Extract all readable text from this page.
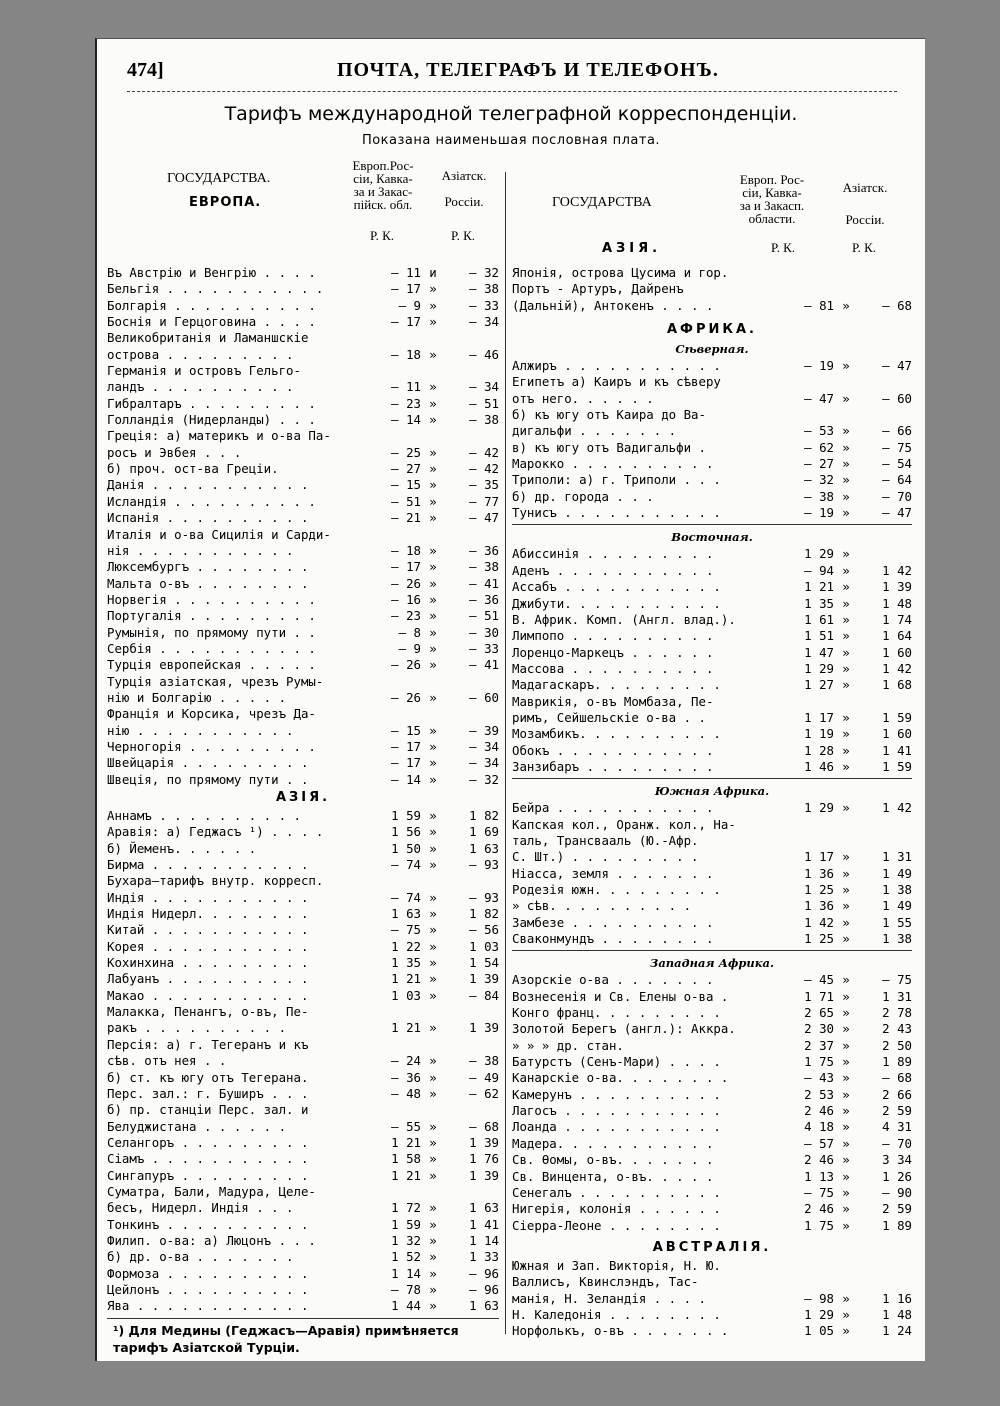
474]	ПОЧТА, ТЕЛЕГРАФЪ И ТЕЛЕФОНЪ.
Тарифъ международной телеграфной корреспонденціи.
Показана наименьшая пословная плата.
ГОСУДАРСТВА.
ЕВРОПА.
Европ.Рос-
сіи, Кавка-
за и Закас-
пійск. обл.
Азіатск.
Россіи.
Р. К.	Р. К.
Въ Австрію и Венгрію . . . .	— 11 и	— 32
Бельгія . . . . . . . . . . .	— 17 »	— 38
Болгарія . . . . . . . . . .	— 9 »	— 33
Боснія и Герцоговина . . . .	— 17 »	— 34
Великобританія и Ламаншскіе
острова . . . . . . . . .	— 18 »	— 46
Германія и островъ Гельго-
ландъ . . . . . . . . . .	— 11 »	— 34
Гибралтаръ . . . . . . . . .	— 23 »	— 51
Голландія (Нидерланды) . . .	— 14 »	— 38
Греція: а) материкъ и о-ва Па-
росъ и Эвбея . . .	— 25 »	— 42
б) проч. ост-ва Греціи.	— 27 »	— 42
Данія . . . . . . . . . . .	— 15 »	— 35
Исландія . . . . . . . . . .	— 51 »	— 77
Испанія . . . . . . . . . .	— 21 »	— 47
Италія и о-ва Сицилія и Сарди-
нія . . . . . . . . . . .	— 18 »	— 36
Люксембургъ . . . . . . . .	— 17 »	— 38
Мальта о-въ . . . . . . . .	— 26 »	— 41
Норвегія . . . . . . . . . .	— 16 »	— 36
Португалія . . . . . . . . .	— 23 »	— 51
Румынія, по прямому пути . .	— 8 »	— 30
Сербія . . . . . . . . . . .	— 9 »	— 33
Турція европейская . . . . .	— 26 »	— 41
Турція азіатская, чрезъ Румы-
нію и Болгарію . . . . .	— 26 »	— 60
Франція и Корсика, чрезъ Да-
нію . . . . . . . . . . .	— 15 »	— 39
Черногорія . . . . . . . . .	— 17 »	— 34
Швейцарія . . . . . . . . .	— 17 »	— 34
Швеція, по прямому пути . .	— 14 »	— 32
АЗІЯ.
Аннамъ . . . . . . . . . .	1 59 »	1 82
Аравія: а) Геджасъ ¹) . . . .	1 56 »	1 69
б) Йеменъ. . . . . .	1 50 »	1 63
Бирма . . . . . . . . . . .	— 74 »	— 93
Бухара—тарифъ внутр. корресп.
Индія . . . . . . . . . . .	— 74 »	— 93
Индія Нидерл. . . . . . . .	1 63 »	1 82
Китай . . . . . . . . . . .	— 75 »	— 56
Корея . . . . . . . . . . .	1 22 »	1 03
Кохинхина . . . . . . . . .	1 35 »	1 54
Лабуанъ . . . . . . . . . .	1 21 »	1 39
Макао . . . . . . . . . . .	1 03 »	— 84
Малакка, Пенангъ, о-въ, Пе-
ракъ . . . . . . . . . .	1 21 »	1 39
Персія: а) г. Тегеранъ и къ
сѣв. отъ нея . .	— 24 »	— 38
б) ст. къ югу отъ Тегерана.	— 36 »	— 49
Перс. зал.: г. Буширъ . . .	— 48 »	— 62
б) пр. станціи Перс. зал. и
Белуджистана . . . . . .	— 55 »	— 68
Селангоръ . . . . . . . . .	1 21 »	1 39
Сіамъ . . . . . . . . . . .	1 58 »	1 76
Сингапуръ . . . . . . . . .	1 21 »	1 39
Суматра, Бали, Мадура, Целе-
бесъ, Нидерл. Индія . . .	1 72 »	1 63
Тонкинъ . . . . . . . . . .	1 59 »	1 41
Филип. о-ва: а) Люцонъ . . .	1 32 »	1 14
б) др. о-ва . . . . . . .	1 52 »	1 33
Формоза . . . . . . . . . .	1 14 »	— 96
Цейлонъ . . . . . . . . . .	— 78 »	— 96
Ява . . . . . . . . . . . .	1 44 »	1 63
¹) Для Медины (Геджасъ—Аравія) примѣняется
тарифъ Азіатской Турціи.
ГОСУДАРСТВА
Европ. Рос-
сіи, Кавка-
за и Закасп.
области.
Азіатск.
Россіи.
АЗІЯ.	Р. К.	Р. К.
Японія, острова Цусима и гор.
Портъ - Артуръ, Дайренъ
(Дальній), Антокенъ . . . .	— 81 »	— 68
АФРИКА.
Сѣверная.
Алжиръ . . . . . . . . . . .	— 19 »	— 47
Египетъ а) Каиръ и къ сѣверу
отъ него. . . . . .	— 47 »	— 60
б) къ югу отъ Каира до Ва-
дигальфи . . . . . . .	— 53 »	— 66
в) къ югу отъ Вадигальфи .	— 62 »	— 75
Марокко . . . . . . . . . .	— 27 »	— 54
Триполи: а) г. Триполи . . .	— 32 »	— 64
б) др. города . . .	— 38 »	— 70
Тунисъ . . . . . . . . . . .	— 19 »	— 47
Восточная.
Абиссинія . . . . . . . . .	1 29 »
Аденъ . . . . . . . . . . .	— 94 »	1 42
Ассабъ . . . . . . . . . . .	1 21 »	1 39
Джибути. . . . . . . . . . .	1 35 »	1 48
В. Африк. Комп. (Англ. влад.).	1 61 »	1 74
Лимпопо . . . . . . . . . .	1 51 »	1 64
Лоренцо-Маркецъ . . . . . .	1 47 »	1 60
Массова . . . . . . . . . .	1 29 »	1 42
Мадагаскаръ. . . . . . . . .	1 27 »	1 68
Маврикія, о-въ Момбаза, Пе-
римъ, Сейшельскіе о-ва . .	1 17 »	1 59
Мозамбикъ. . . . . . . . . .	1 19 »	1 60
Обокъ . . . . . . . . . . .	1 28 »	1 41
Занзибаръ . . . . . . . . .	1 46 »	1 59
Южная Африка.
Бейра . . . . . . . . . . .	1 29 »	1 42
Капская кол., Оранж. кол., На-
таль, Трансвааль (Ю.-Афр.
С. Шт.) . . . . . . . . .	1 17 »	1 31
Ніасса, земля . . . . . . .	1 36 »	1 49
Родезія южн. . . . . . . . .	1 25 »	1 38
» сѣв. . . . . . . . . .	1 36 »	1 49
Замбезе . . . . . . . . . .	1 42 »	1 55
Сваконмундъ . . . . . . . .	1 25 »	1 38
Западная Африка.
Азорскіе о-ва . . . . . . .	— 45 »	— 75
Вознесенія и Св. Елены о-ва .	1 71 »	1 31
Конго франц. . . . . . . . .	2 65 »	2 78
Золотой Берегъ (англ.): Аккра.	2 30 »	2 43
» » » др. стан.	2 37 »	2 50
Батурстъ (Сенъ-Мари) . . . .	1 75 »	1 89
Канарскіе о-ва. . . . . . . .	— 43 »	— 68
Камерунъ . . . . . . . . . .	2 53 »	2 66
Лагосъ . . . . . . . . . . .	2 46 »	2 59
Лоанда . . . . . . . . . . .	4 18 »	4 31
Мадера. . . . . . . . . . .	— 57 »	— 70
Св. Ѳомы, о-въ. . . . . . .	2 46 »	3 34
Св. Винцента, о-въ. . . . .	1 13 »	1 26
Сенегалъ . . . . . . . . . .	— 75 »	— 90
Нигерія, колонія . . . . . .	2 46 »	2 59
Сіерра-Леоне . . . . . . . .	1 75 »	1 89
АВСТРАЛІЯ.
Южная и Зап. Викторія, Н. Ю.
Валлисъ, Квинслэндъ, Тас-
манія, Н. Зеландія . . . .	— 98 »	1 16
Н. Каледонія . . . . . . . .	1 29 »	1 48
Норфолькъ, о-въ . . . . . . .	1 05 »	1 24
